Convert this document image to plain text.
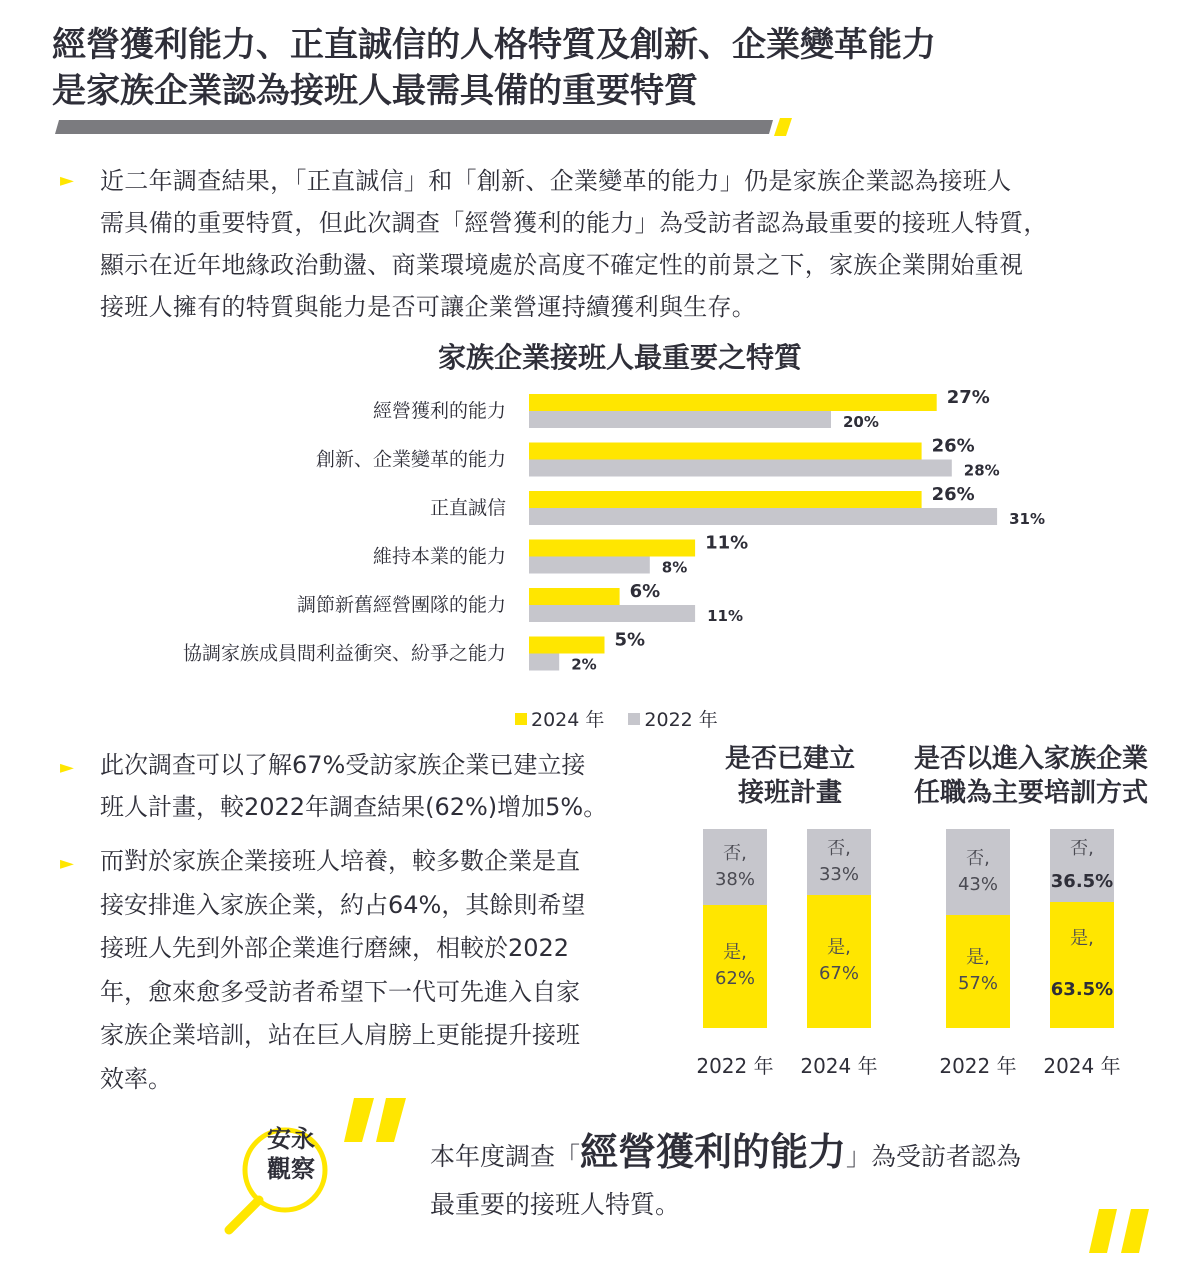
經營獲利能力、正直誠信的人格特質及創新、企業變革能力
是家族企業認為接班人最需具備的重要特質
► 近二年調查結果，「正直誠信」和「創新、企業變革的能力」仍是家族企業認為接班人
需具備的重要特質，但此次調查「經營獲利的能力」為受訪者認為最重要的接班人特質，
顯示在近年地緣政治動盪、商業環境處於高度不確定性的前景之下，家族企業開始重視
接班人擁有的特質與能力是否可讓企業營運持續獲利與生存。
家族企業接班人最重要之特質
經營獲利的能力
27%
20%
創新、企業變革的能力
26%
28%
正直誠信
26%
31%
維持本業的能力
11%
8%
調節新舊經營團隊的能力
6%
11%
協調家族成員間利益衝突、紛爭之能力
5%
2%
2024 年 2022 年
► 此次調查可以了解67%受訪家族企業已建立接
班人計畫，較2022年調查結果(62%)增加5%。
► 而對於家族企業接班人培養，較多數企業是直
接安排進入家族企業，約占64%，其餘則希望
接班人先到外部企業進行磨練，相較於2022
年，愈來愈多受訪者希望下一代可先進入自家
家族企業培訓，站在巨人肩膀上更能提升接班
效率。
是否已建立
接班計畫
是否以進入家族企業
任職為主要培訓方式
否,
38%
是,
62%
否,
33%
是,
67%
否,
43%
是,
57%
否,
36.5%
是,
63.5%
2022 年	2024 年	2022 年	2024 年
安永
觀察	本年度調查「經營獲利的能力」為受訪者認為
最重要的接班人特質。
